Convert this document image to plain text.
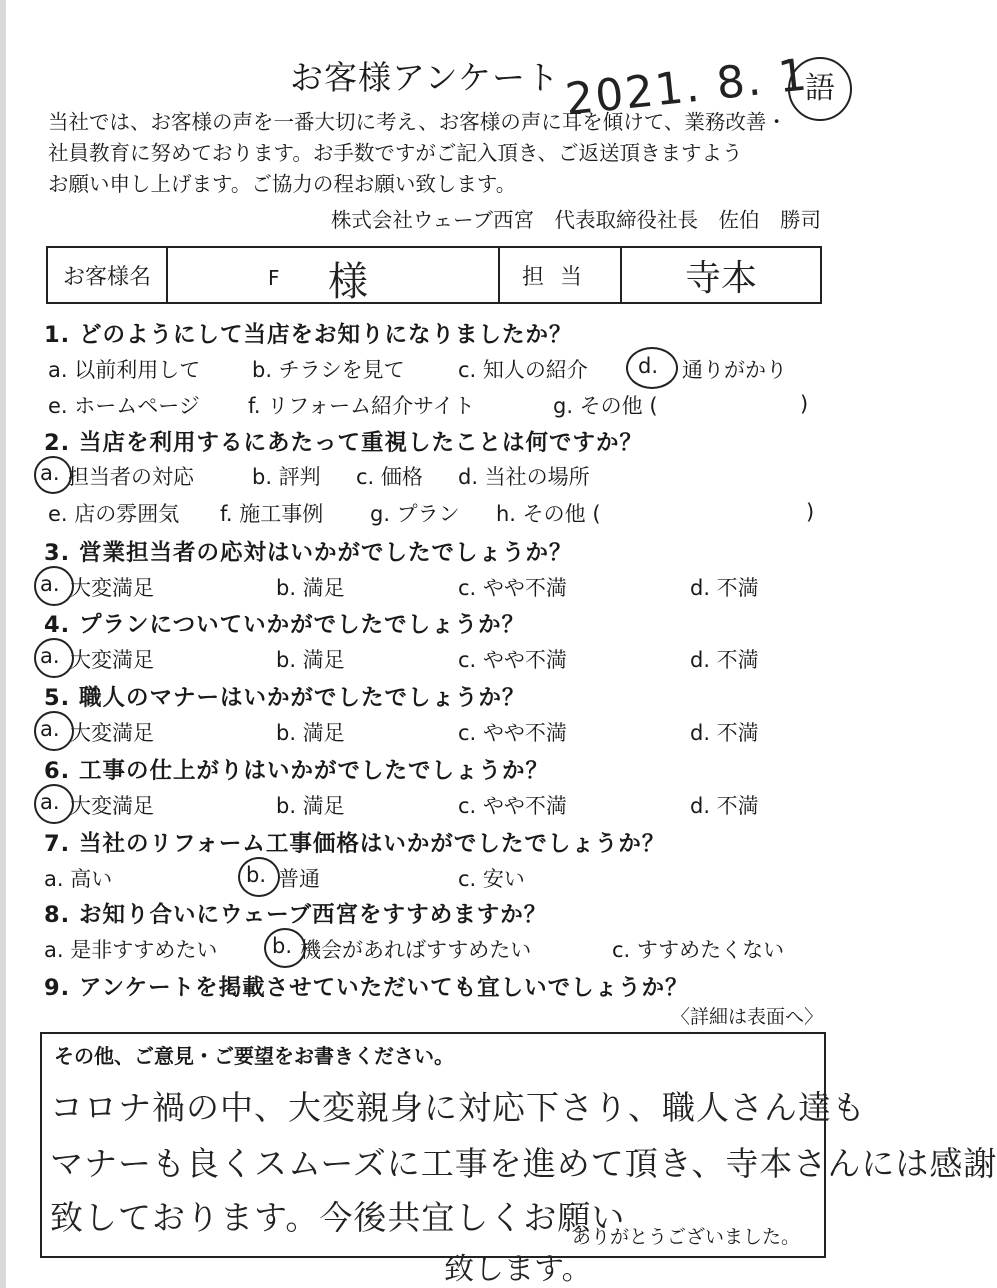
お客様アンケート 2021. 8. 1
語
当社では、お客様の声を一番大切に考え、お客様の声に耳を傾けて、業務改善・
社員教育に努めております。お手数ですがご記入頂き、ご返送頂きますよう
お願い申し上げます。ご協力の程お願い致します。
株式会社ウェーブ西宮　代表取締役社長　佐伯　勝司
お客様名	F 様	担当	寺本
1. どのようにして当店をお知りになりましたか？
a. 以前利用して b. チラシを見て	c. 知人の紹介 d. 通りがかり
e. ホームページ f. リフォーム紹介サイト	g. その他 (	)
2. 当店を利用するにあたって重視したことは何ですか？
a. 担当者の対応	b. 評判 c. 価格 d. 当社の場所
e. 店の雰囲気 f. 施工事例 g. プラン h. その他 (	)
3. 営業担当者の応対はいかがでしたでしょうか？
a. 大変満足	b. 満足	c. やや不満	d. 不満
4. プランについていかがでしたでしょうか？
a. 大変満足	b. 満足	c. やや不満	d. 不満
5. 職人のマナーはいかがでしたでしょうか？
a. 大変満足	b. 満足	c. やや不満	d. 不満
6. 工事の仕上がりはいかがでしたでしょうか？
a. 大変満足	b. 満足	c. やや不満	d. 不満
7. 当社のリフォーム工事価格はいかがでしたでしょうか？
a. 高い	b. 普通	c. 安い
8. お知り合いにウェーブ西宮をすすめますか？
a. 是非すすめたい	b. 機会があればすすめたい	c. すすめたくない
9. アンケートを掲載させていただいても宜しいでしょうか？
〈詳細は表面へ〉
その他、ご意見・ご要望をお書きください。
コロナ禍の中、大変親身に対応下さり、職人さん達も
マナーも良くスムーズに工事を進めて頂き、寺本さんには感謝
致しております。今後共宜しくお願い
ありがとうございました。
致します。
